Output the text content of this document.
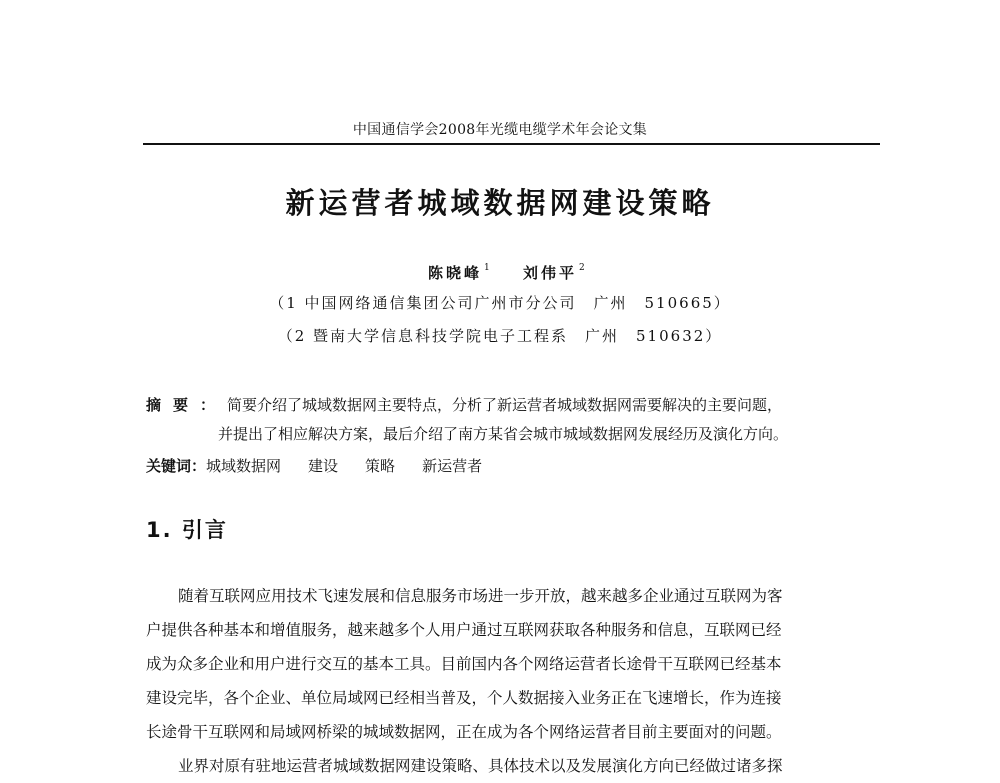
中国通信学会2008年光缆电缆学术年会论文集
新运营者城域数据网建设策略
陈晓峰 $^1$ 刘伟平 $^2$
（1 中国网络通信集团公司广州市分公司　广州　510665）
（2 暨南大学信息科技学院电子工程系　广州　510632）
摘要：简要介绍了城域数据网主要特点，分析了新运营者城域数据网需要解决的主要问题，
并提出了相应解决方案，最后介绍了南方某省会城市城域数据网发展经历及演化方向。
关键词：城域数据网 建设 策略 新运营者
1. 引言
随着互联网应用技术飞速发展和信息服务市场进一步开放，越来越多企业通过互联网为客
户提供各种基本和增值服务，越来越多个人用户通过互联网获取各种服务和信息，互联网已经
成为众多企业和用户进行交互的基本工具。目前国内各个网络运营者长途骨干互联网已经基本
建设完毕，各个企业、单位局域网已经相当普及，个人数据接入业务正在飞速增长，作为连接
长途骨干互联网和局域网桥梁的城域数据网，正在成为各个网络运营者目前主要面对的问题。
业界对原有驻地运营者城域数据网建设策略、具体技术以及发展演化方向已经做过诸多探
